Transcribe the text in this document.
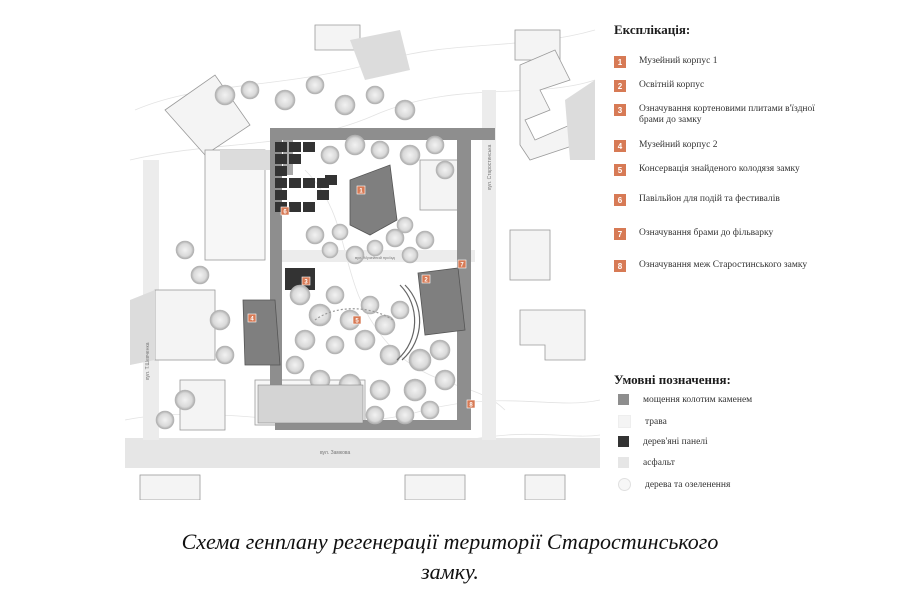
1
2
3
4	5
6
7
8
вул. Замкова
вул. Т.Шевченка
вул. Старостинська
вул. Музейний проїзд
Експлікація:
1	Музейний корпус 1
2	Освітній корпус
3	Означування кортеновими плитами в'їздної брами до замку
4	Музейний корпус 2
5	Консервація знайденого колодязя замку
6	Павільйон для подій та фестивалів
7	Означування брами до фільварку
8	Означування меж Старостинського замку
Умовні позначення:
мощення колотим каменем
трава
дерев'яні панелі
асфальт
дерева та озеленення
Схема генплану регенерації території Старостинського
замку.
